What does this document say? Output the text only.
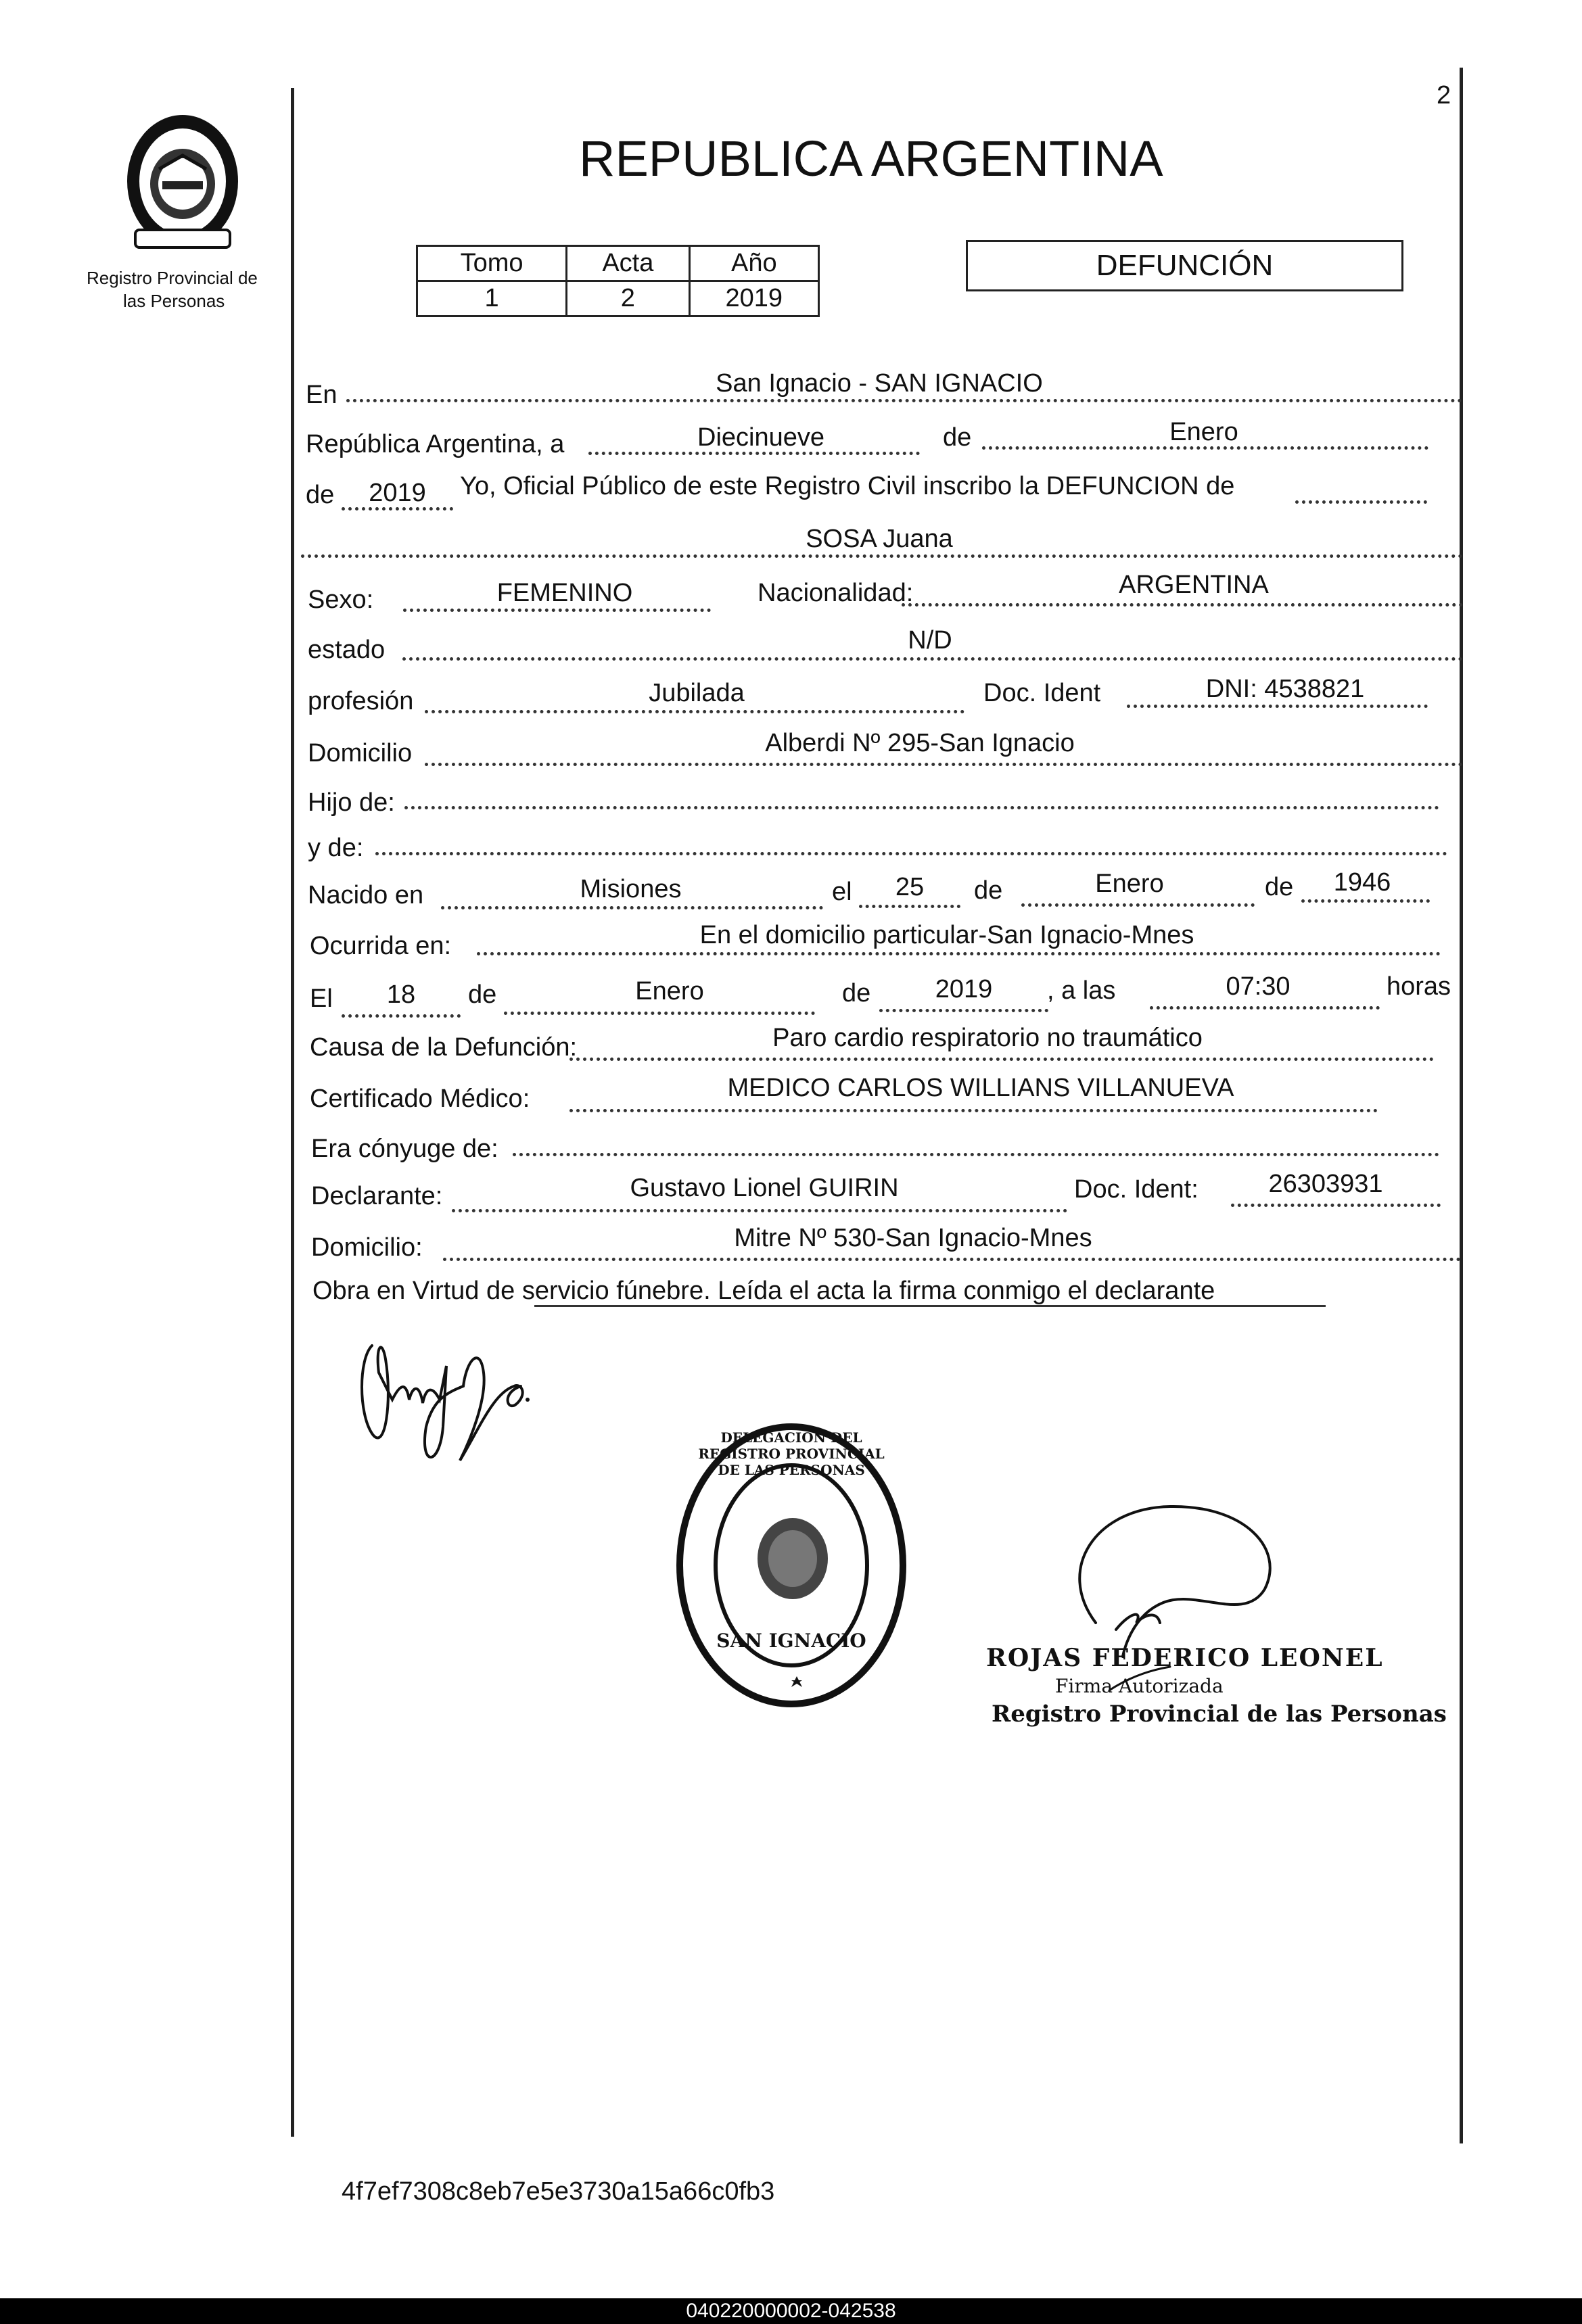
2
Registro Provincial de
las Personas
REPUBLICA ARGENTINA
Tomo	Acta	Año
1	2	2019
DEFUNCIÓN
En	San Ignacio - SAN IGNACIO
República Argentina, a	Diecinueve	de	Enero
de	2019	Yo, Oficial Público de este Registro Civil inscribo la DEFUNCION de
SOSA Juana
Sexo:	FEMENINO	Nacionalidad:	ARGENTINA
estado	N/D
profesión	Jubilada	Doc. Ident	DNI: 4538821
Domicilio	Alberdi Nº 295-San Ignacio
Hijo de:
y de:
Nacido en	Misiones	el	25	de	Enero	de	1946
Ocurrida en:	En el domicilio particular-San Ignacio-Mnes
El	18	de	Enero	de	2019	, a las	07:30	horas
Causa de la Defunción:	Paro cardio respiratorio no traumático
Certificado Médico:	MEDICO CARLOS WILLIANS VILLANUEVA
Era cónyuge de:
Declarante:	Gustavo Lionel GUIRIN	Doc. Ident:	26303931
Domicilio:	Mitre Nº 530-San Ignacio-Mnes
Obra en Virtud de servicio fúnebre. Leída el acta la firma conmigo el declarante
DELEGACION DEL REGISTRO PROVINCIAL DE LAS PERSONAS
SAN IGNACIO
ROJAS FEDERICO LEONEL
Firma Autorizada
Registro Provincial de las Personas
4f7ef7308c8eb7e5e3730a15a66c0fb3
040220000002-042538
